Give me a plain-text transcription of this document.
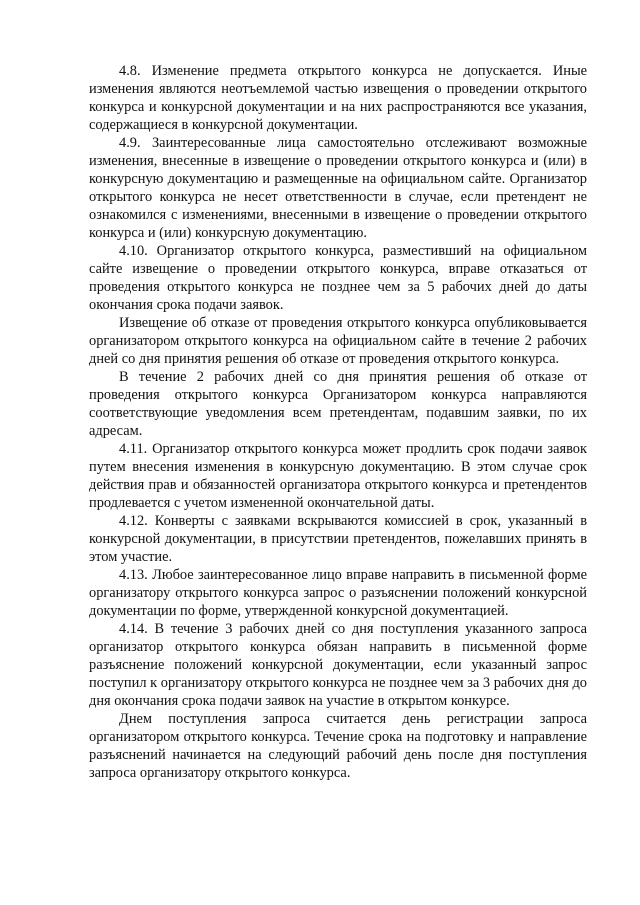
4.8. Изменение предмета открытого конкурса не допускается. Иные изменения являются неотъемлемой частью извещения о проведении открытого конкурса и конкурсной документации и на них распространяются все указания, содержащиеся в конкурсной документации.

4.9. Заинтересованные лица самостоятельно отслеживают возможные изменения, внесенные в извещение о проведении открытого конкурса и (или) в конкурсную документацию и размещенные на официальном сайте. Организатор открытого конкурса не несет ответственности в случае, если претендент не ознакомился с изменениями, внесенными в извещение о проведении открытого конкурса и (или) конкурсную документацию.

4.10. Организатор открытого конкурса, разместивший на официальном сайте извещение о проведении открытого конкурса, вправе отказаться от проведения открытого конкурса не позднее чем за 5 рабочих дней до даты окончания срока подачи заявок.

Извещение об отказе от проведения открытого конкурса опубликовывается организатором открытого конкурса на официальном сайте в течение 2 рабочих дней со дня принятия решения об отказе от проведения открытого конкурса.

В течение 2 рабочих дней со дня принятия решения об отказе от проведения открытого конкурса Организатором конкурса направляются соответствующие уведомления всем претендентам, подавшим заявки, по их адресам.

4.11. Организатор открытого конкурса может продлить срок подачи заявок путем внесения изменения в конкурсную документацию. В этом случае срок действия прав и обязанностей организатора открытого конкурса и претендентов продлевается с учетом измененной окончательной даты.

4.12. Конверты с заявками вскрываются комиссией в срок, указанный в конкурсной документации, в присутствии претендентов, пожелавших принять в этом участие.

4.13. Любое заинтересованное лицо вправе направить в письменной форме организатору открытого конкурса запрос о разъяснении положений конкурсной документации по форме, утвержденной конкурсной документацией.

4.14. В течение 3 рабочих дней со дня поступления указанного запроса организатор открытого конкурса обязан направить в письменной форме разъяснение положений конкурсной документации, если указанный запрос поступил к организатору открытого конкурса не позднее чем за 3 рабочих дня до дня окончания срока подачи заявок на участие в открытом конкурсе.

Днем поступления запроса считается день регистрации запроса организатором открытого конкурса. Течение срока на подготовку и направление разъяснений начинается на следующий рабочий день после дня поступления запроса организатору открытого конкурса.
